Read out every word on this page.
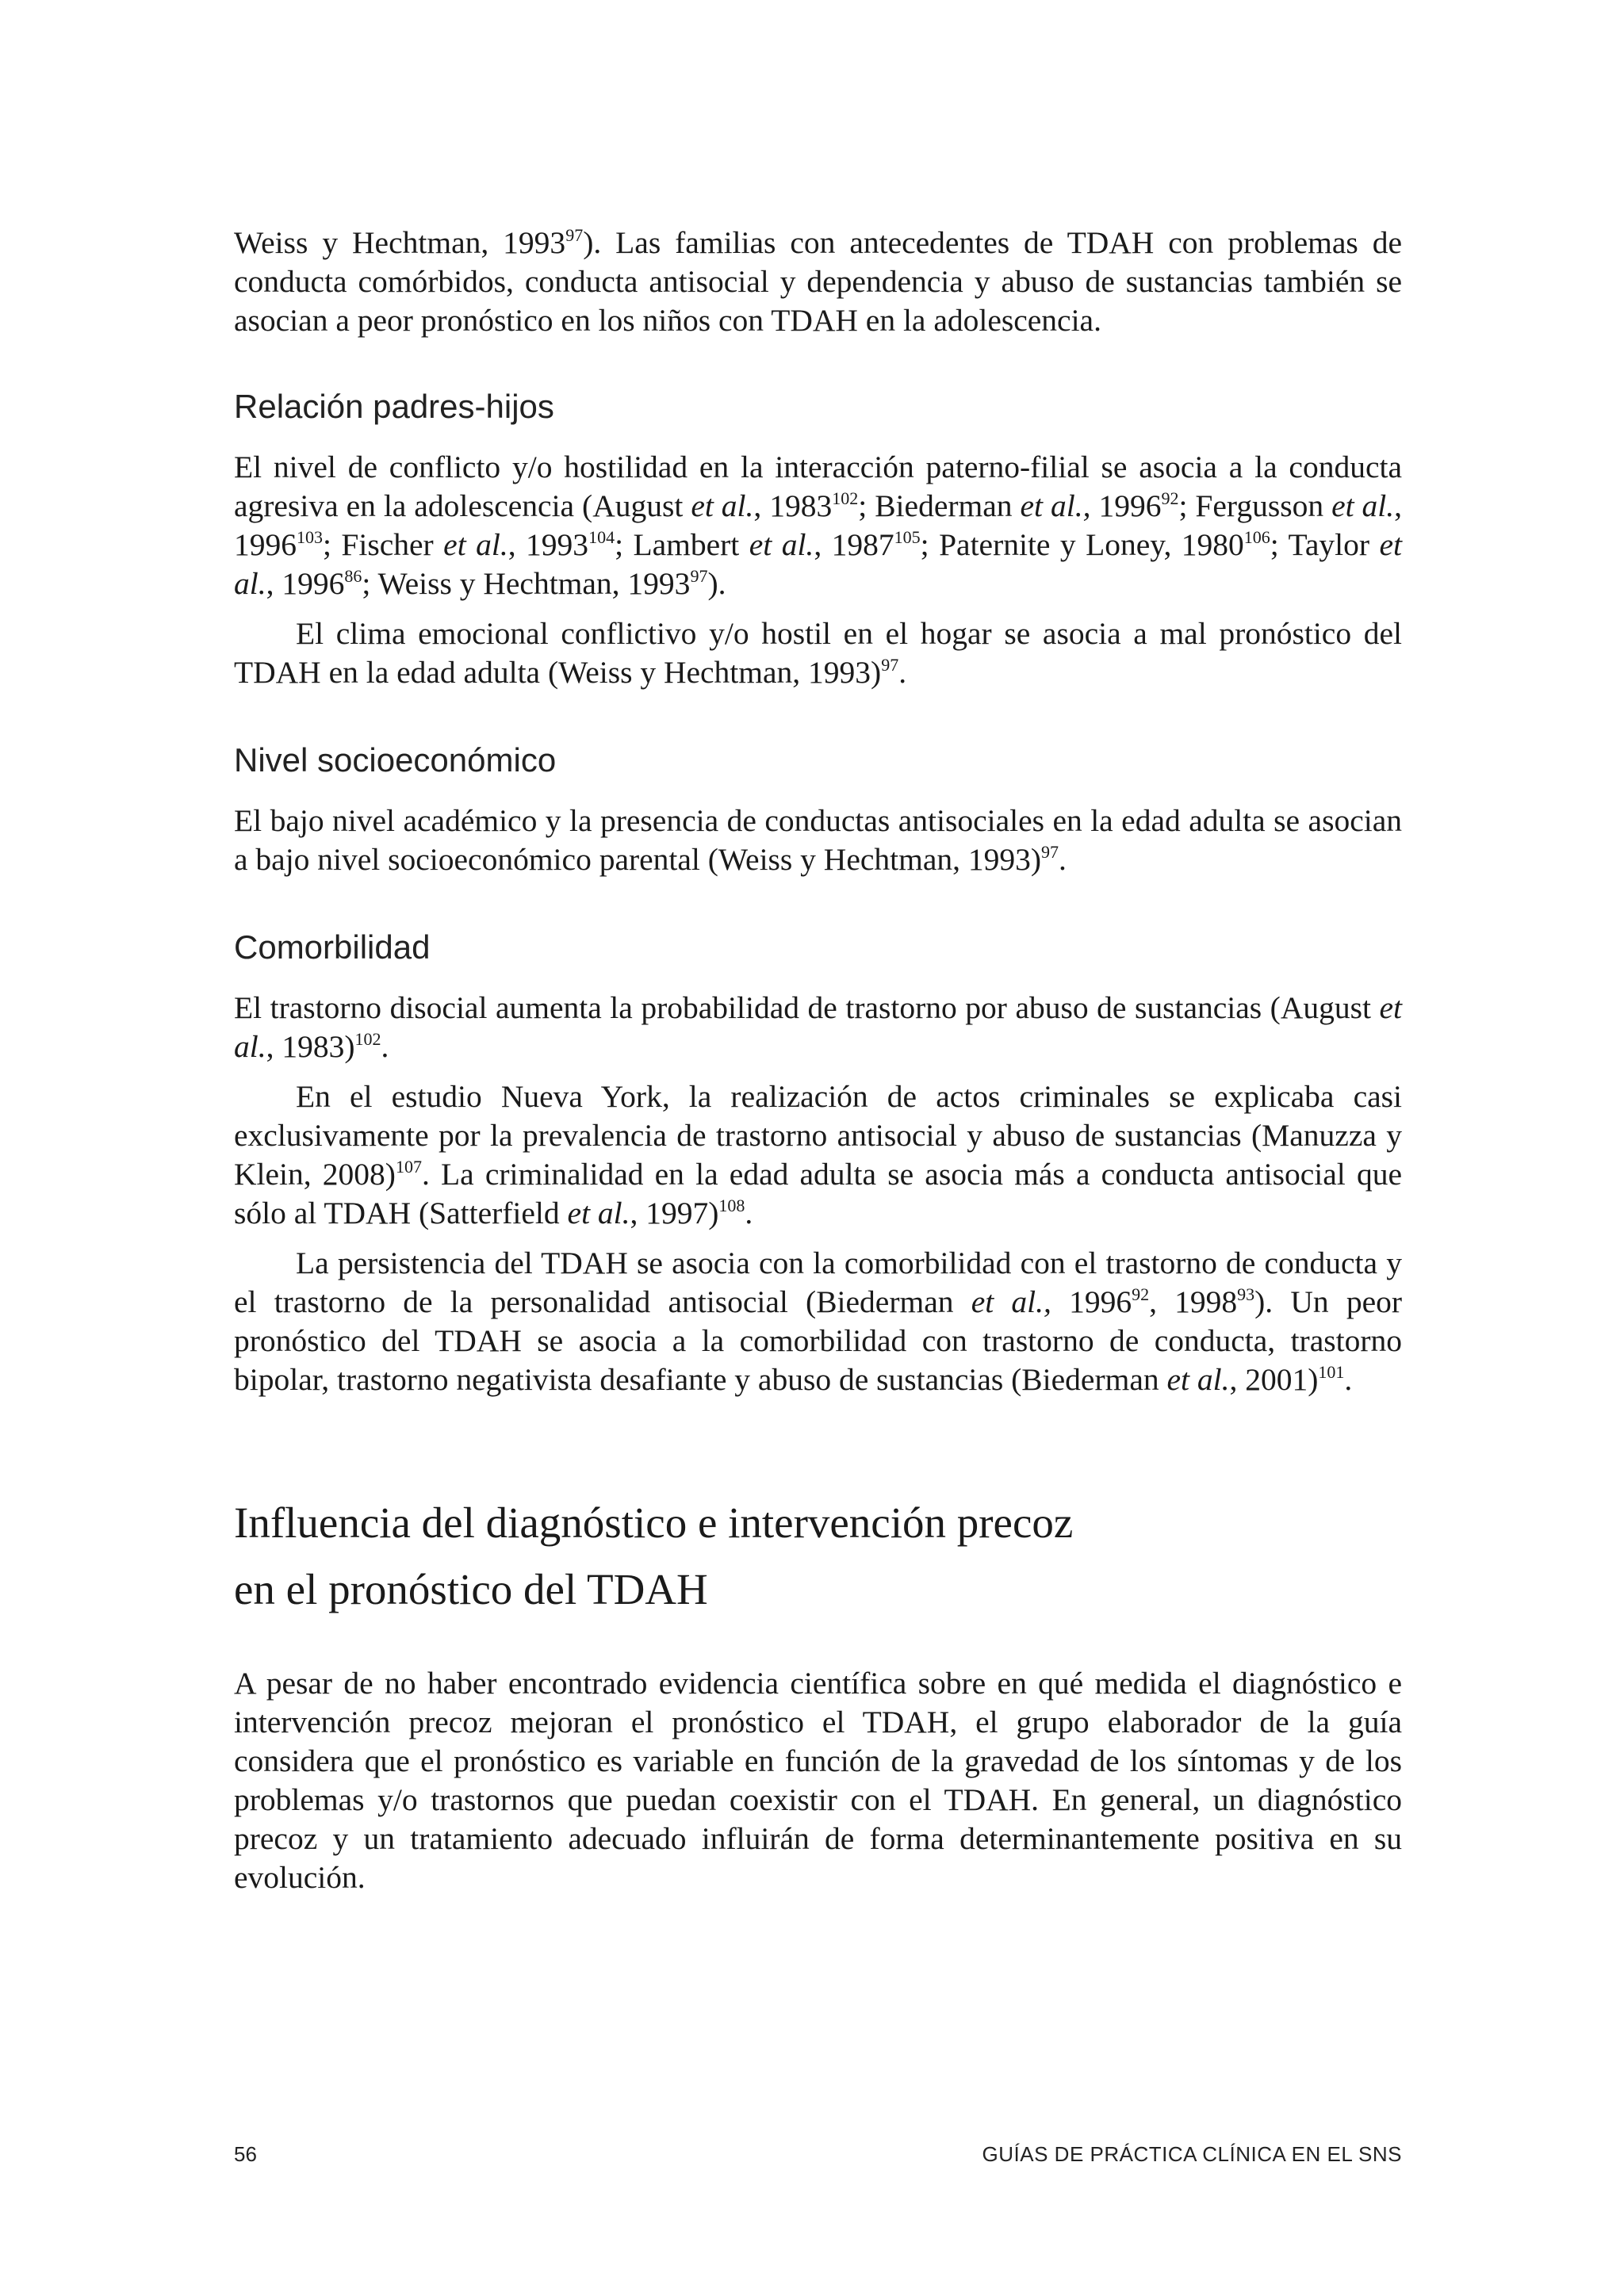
Weiss y Hechtman, 1993$^{97}$). Las familias con antecedentes de TDAH con problemas de conducta comórbidos, conducta antisocial y dependencia y abuso de sustancias también se asocian a peor pronóstico en los niños con TDAH en la adolescencia.

Relación padres-hijos

El nivel de conflicto y/o hostilidad en la interacción paterno-filial se asocia a la conducta agresiva en la adolescencia (August et al., 1983$^{102}$; Biederman et al., 1996$^{92}$; Fergusson et al., 1996$^{103}$; Fischer et al., 1993$^{104}$; Lambert et al., 1987$^{105}$; Paternite y Loney, 1980$^{106}$; Taylor et al., 1996$^{86}$; Weiss y Hechtman, 1993$^{97}$).

El clima emocional conflictivo y/o hostil en el hogar se asocia a mal pronóstico del TDAH en la edad adulta (Weiss y Hechtman, 1993)$^{97}$.

Nivel socioeconómico

El bajo nivel académico y la presencia de conductas antisociales en la edad adulta se asocian a bajo nivel socioeconómico parental (Weiss y Hechtman, 1993)$^{97}$.

Comorbilidad

El trastorno disocial aumenta la probabilidad de trastorno por abuso de sustancias (August et al., 1983)$^{102}$.

En el estudio Nueva York, la realización de actos criminales se explicaba casi exclusivamente por la prevalencia de trastorno antisocial y abuso de sustancias (Manuzza y Klein, 2008)$^{107}$. La criminalidad en la edad adulta se asocia más a conducta antisocial que sólo al TDAH (Satterfield et al., 1997)$^{108}$.

La persistencia del TDAH se asocia con la comorbilidad con el trastorno de conducta y el trastorno de la personalidad antisocial (Biederman et al., 1996$^{92}$, 1998$^{93}$). Un peor pronóstico del TDAH se asocia a la comorbilidad con trastorno de conducta, trastorno bipolar, trastorno negativista desafiante y abuso de sustancias (Biederman et al., 2001)$^{101}$.

Influencia del diagnóstico e intervención precoz
en el pronóstico del TDAH

A pesar de no haber encontrado evidencia científica sobre en qué medida el diagnóstico e intervención precoz mejoran el pronóstico el TDAH, el grupo elaborador de la guía considera que el pronóstico es variable en función de la gravedad de los síntomas y de los problemas y/o trastornos que puedan coexistir con el TDAH. En general, un diagnóstico precoz y un tratamiento adecuado influirán de forma determinantemente positiva en su evolución.

56	GUÍAS DE PRÁCTICA CLÍNICA EN EL SNS
